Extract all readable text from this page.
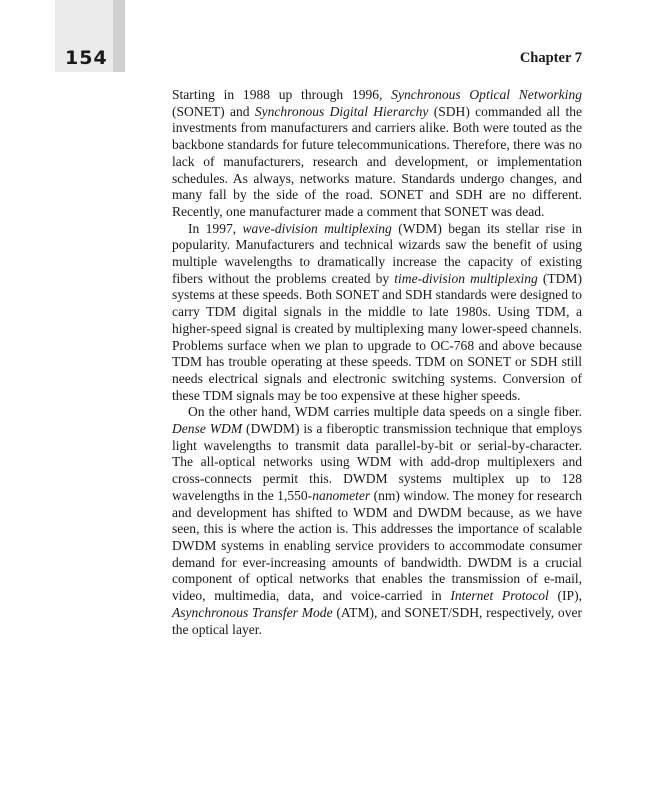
154	Chapter 7

Starting in 1988 up through 1996, Synchronous Optical Networking (SONET) and Synchronous Digital Hierarchy (SDH) commanded all the investments from manufacturers and carriers alike. Both were touted as the backbone standards for future telecommunications. Therefore, there was no lack of manufacturers, research and development, or implementation schedules. As always, networks mature. Standards undergo changes, and many fall by the side of the road. SONET and SDH are no different. Recently, one manufacturer made a comment that SONET was dead.

In 1997, wave-division multiplexing (WDM) began its stellar rise in popularity. Manufacturers and technical wizards saw the benefit of using multiple wavelengths to dramatically increase the capacity of existing fibers without the problems created by time-division multiplexing (TDM) systems at these speeds. Both SONET and SDH standards were designed to carry TDM digital signals in the middle to late 1980s. Using TDM, a higher-speed signal is created by multiplexing many lower-speed channels. Problems surface when we plan to upgrade to OC-768 and above because TDM has trouble operating at these speeds. TDM on SONET or SDH still needs electrical signals and electronic switching systems. Conversion of these TDM signals may be too expensive at these higher speeds.

On the other hand, WDM carries multiple data speeds on a single fiber. Dense WDM (DWDM) is a fiberoptic transmission technique that employs light wavelengths to transmit data parallel-by-bit or serial-by-character. The all-optical networks using WDM with add-drop multiplexers and cross-connects permit this. DWDM systems multiplex up to 128 wavelengths in the 1,550-nanometer (nm) window. The money for research and development has shifted to WDM and DWDM because, as we have seen, this is where the action is. This addresses the importance of scalable DWDM systems in enabling service providers to accommodate consumer demand for ever-increasing amounts of bandwidth. DWDM is a crucial component of optical networks that enables the transmission of e-mail, video, multimedia, data, and voice-carried in Internet Protocol (IP), Asynchronous Transfer Mode (ATM), and SONET/SDH, respectively, over the optical layer.
